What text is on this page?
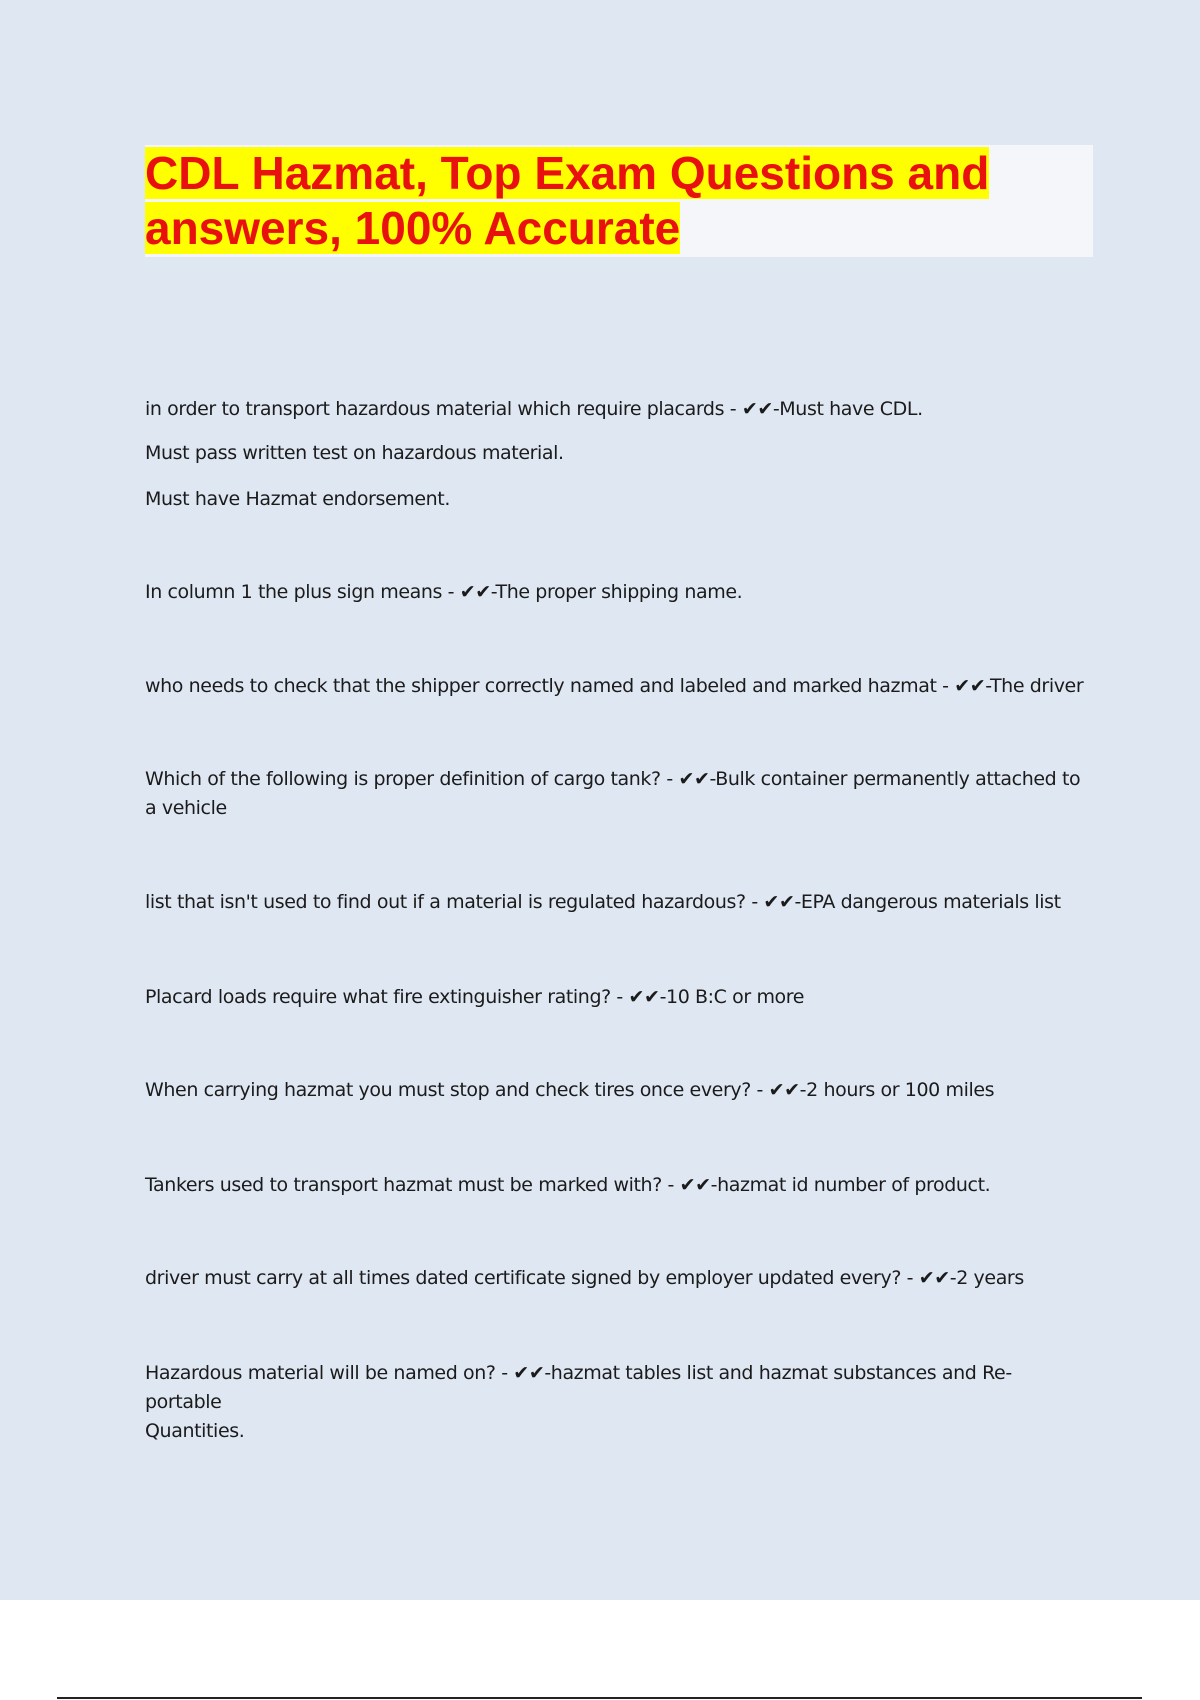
CDL Hazmat, Top Exam Questions and
answers, 100% Accurate

in order to transport hazardous material which require placards - ✔✔-Must have CDL.

Must pass written test on hazardous material.

Must have Hazmat endorsement.

In column 1 the plus sign means - ✔✔-The proper shipping name.

who needs to check that the shipper correctly named and labeled and marked hazmat - ✔✔-The driver

Which of the following is proper definition of cargo tank? - ✔✔-Bulk container permanently attached to
a vehicle

list that isn't used to find out if a material is regulated hazardous? - ✔✔-EPA dangerous materials list

Placard loads require what fire extinguisher rating? - ✔✔-10 B:C or more

When carrying hazmat you must stop and check tires once every? - ✔✔-2 hours or 100 miles

Tankers used to transport hazmat must be marked with? - ✔✔-hazmat id number of product.

driver must carry at all times dated certificate signed by employer updated every? - ✔✔-2 years

Hazardous material will be named on? - ✔✔-hazmat tables list and hazmat substances and Re-portable
Quantities.
